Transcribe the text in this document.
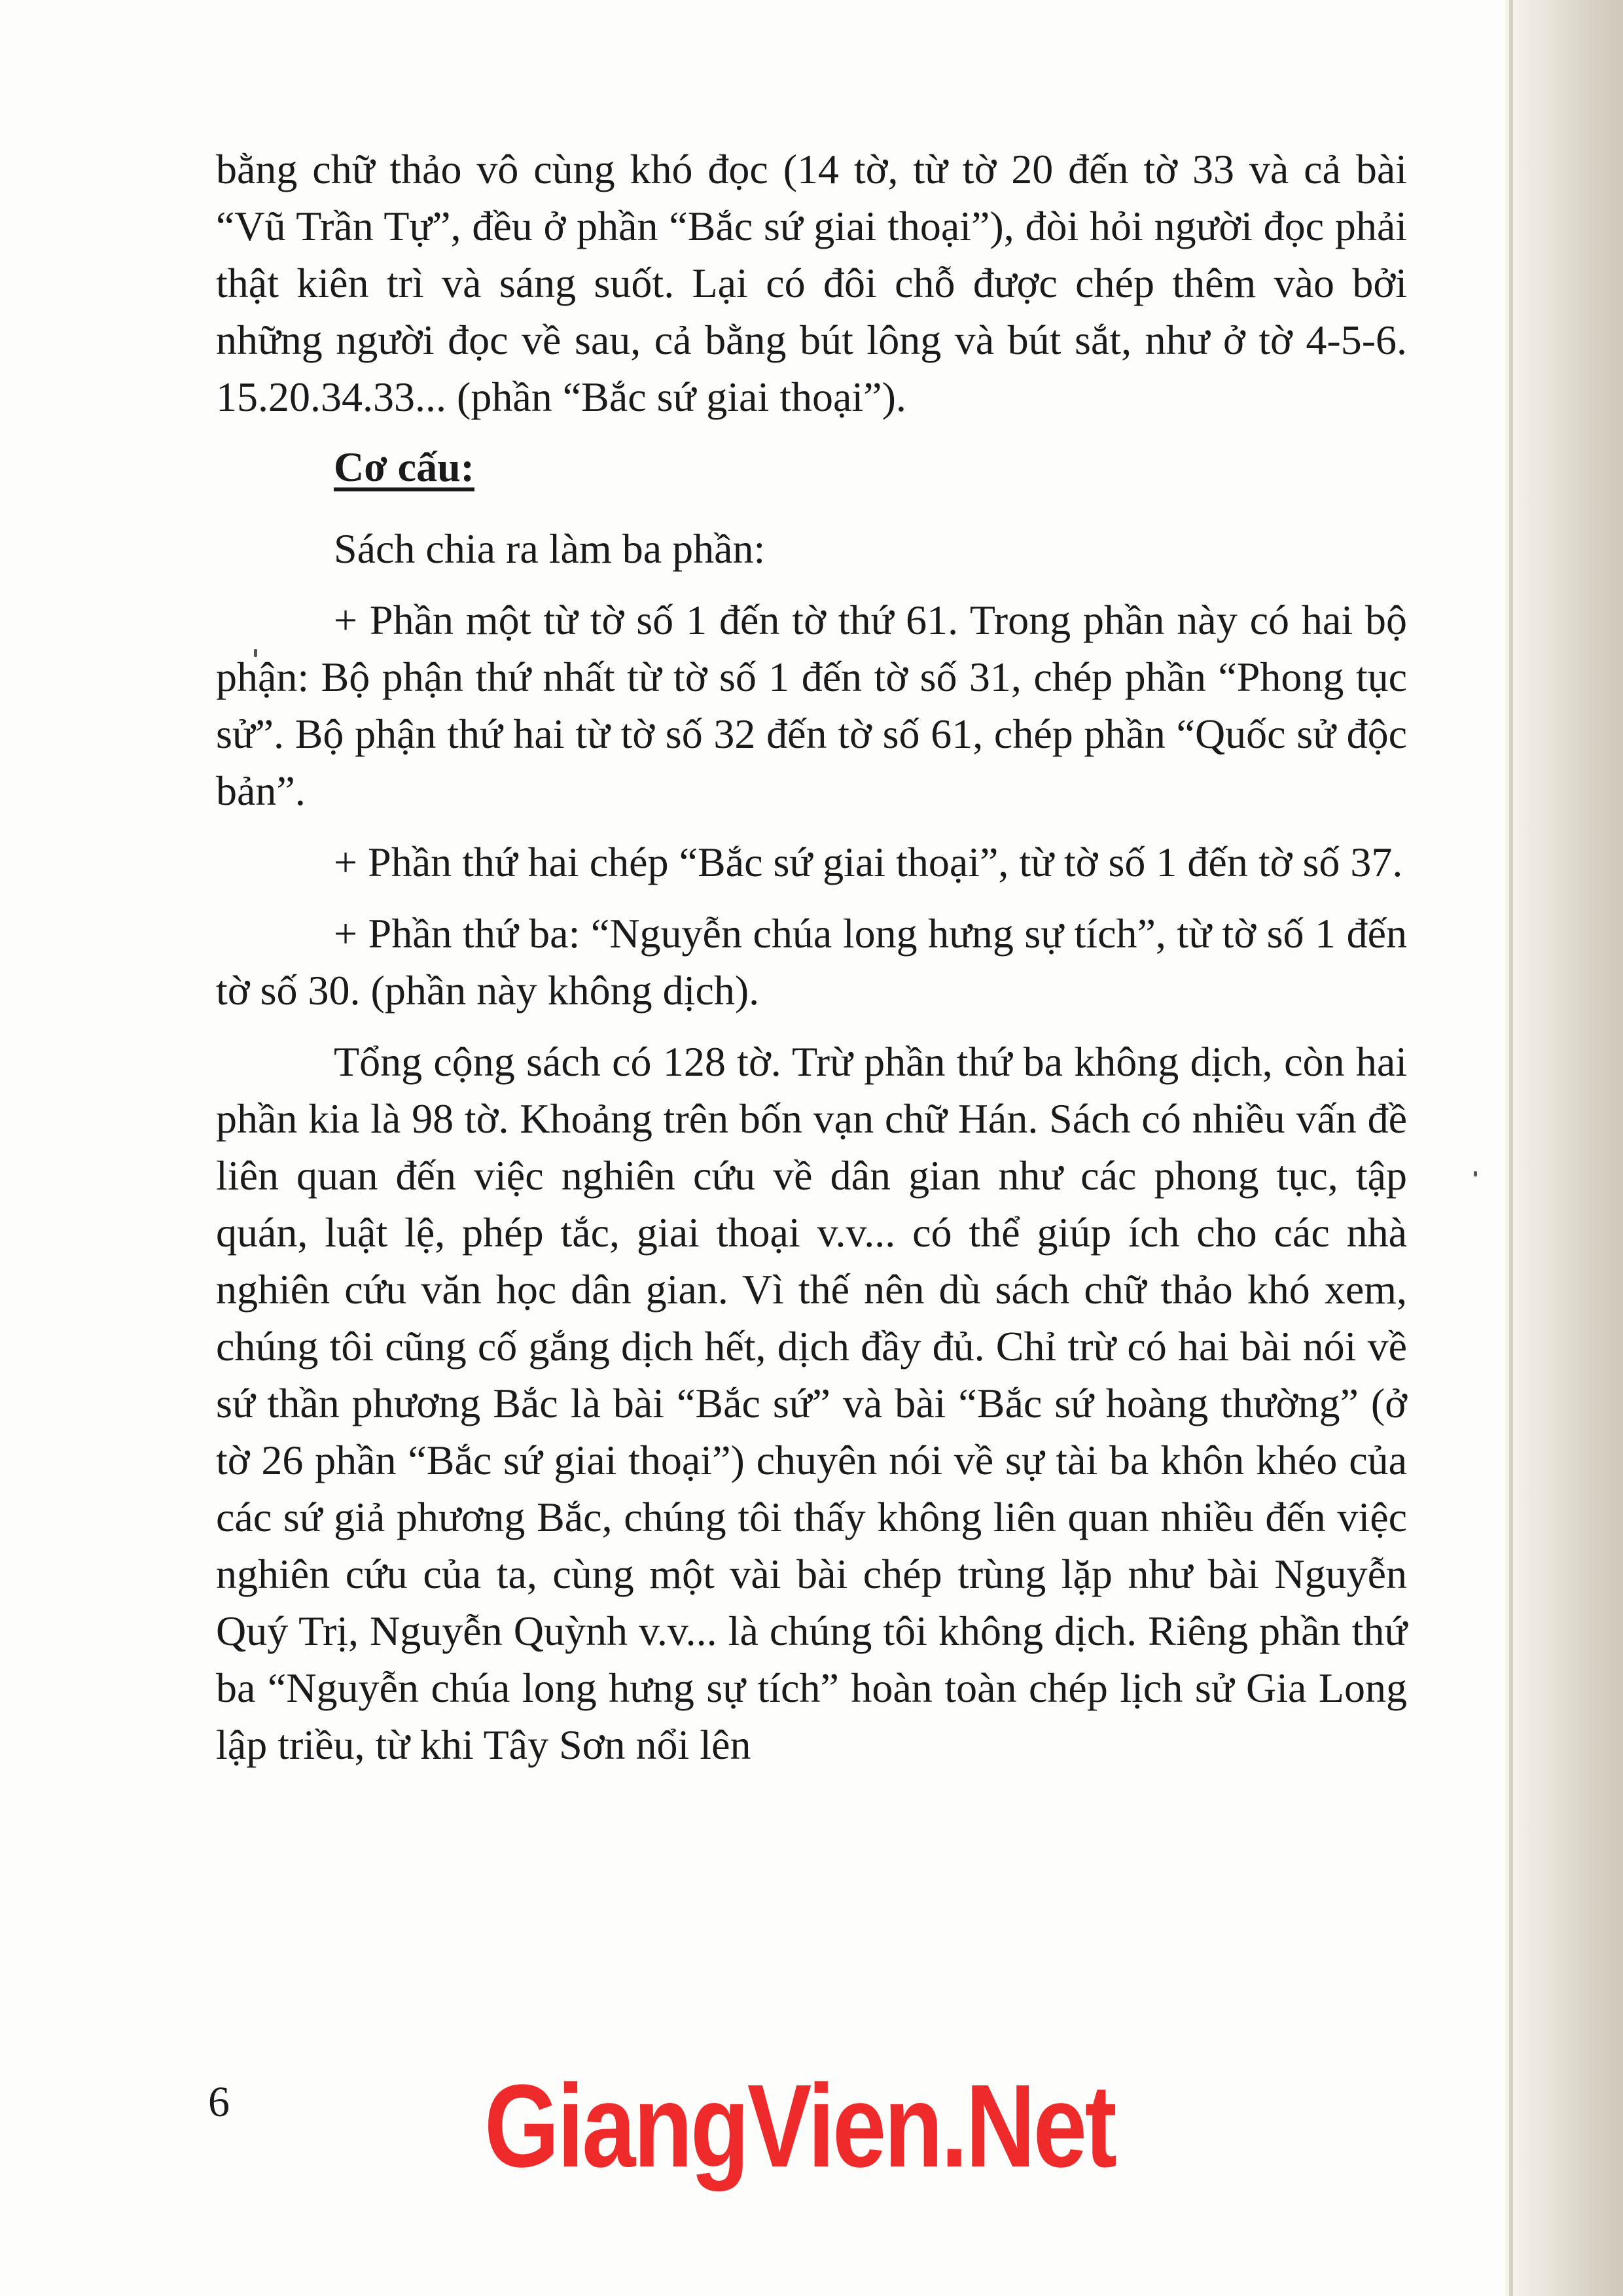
bằng chữ thảo vô cùng khó đọc (14 tờ, từ tờ 20 đến tờ 33 và cả bài “Vũ Trần Tự”, đều ở phần “Bắc sứ giai thoại”), đòi hỏi người đọc phải thật kiên trì và sáng suốt. Lại có đôi chỗ được chép thêm vào bởi những người đọc về sau, cả bằng bút lông và bút sắt, như ở tờ 4-5-6. 15.20.34.33... (phần “Bắc sứ giai thoại”).

Cơ cấu:

Sách chia ra làm ba phần:

+ Phần một từ tờ số 1 đến tờ thứ 61. Trong phần này có hai bộ phận: Bộ phận thứ nhất từ tờ số 1 đến tờ số 31, chép phần “Phong tục sử”. Bộ phận thứ hai từ tờ số 32 đến tờ số 61, chép phần “Quốc sử độc bản”.

+ Phần thứ hai chép “Bắc sứ giai thoại”, từ tờ số 1 đến tờ số 37.

+ Phần thứ ba: “Nguyễn chúa long hưng sự tích”, từ tờ số 1 đến tờ số 30. (phần này không dịch).

Tổng cộng sách có 128 tờ. Trừ phần thứ ba không dịch, còn hai phần kia là 98 tờ. Khoảng trên bốn vạn chữ Hán. Sách có nhiều vấn đề liên quan đến việc nghiên cứu về dân gian như các phong tục, tập quán, luật lệ, phép tắc, giai thoại v.v... có thể giúp ích cho các nhà nghiên cứu văn học dân gian. Vì thế nên dù sách chữ thảo khó xem, chúng tôi cũng cố gắng dịch hết, dịch đầy đủ. Chỉ trừ có hai bài nói về sứ thần phương Bắc là bài “Bắc sứ” và bài “Bắc sứ hoàng thường” (ở tờ 26 phần “Bắc sứ giai thoại”) chuyên nói về sự tài ba khôn khéo của các sứ giả phương Bắc, chúng tôi thấy không liên quan nhiều đến việc nghiên cứu của ta, cùng một vài bài chép trùng lặp như bài Nguyễn Quý Trị, Nguyễn Quỳnh v.v... là chúng tôi không dịch. Riêng phần thứ ba “Nguyễn chúa long hưng sự tích” hoàn toàn chép lịch sử Gia Long lập triều, từ khi Tây Sơn nổi lên

6 GiangVien.Net
